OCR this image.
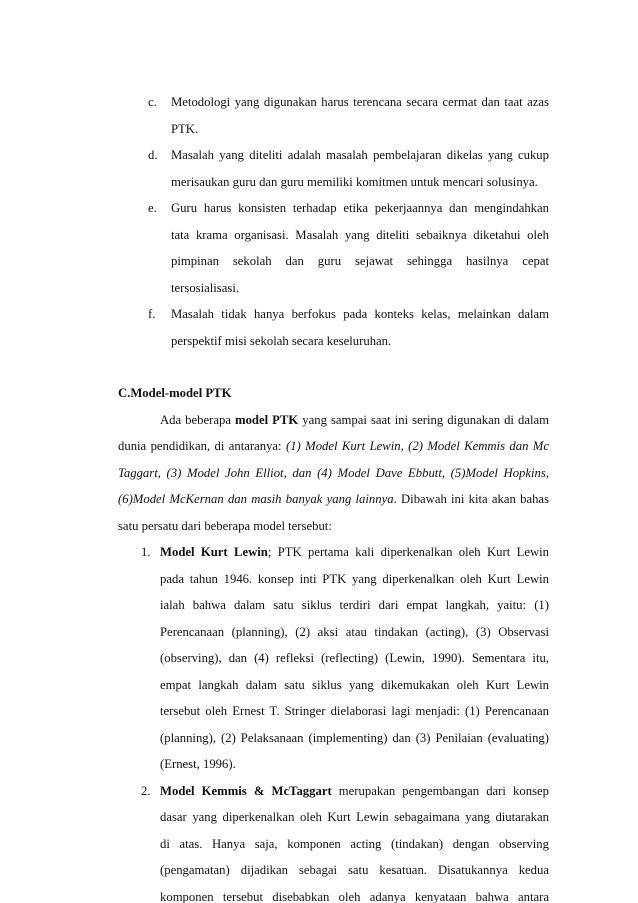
c. Metodologi yang digunakan harus terencana secara cermat dan taat azas
PTK.
d. Masalah yang diteliti adalah masalah pembelajaran dikelas yang cukup
merisaukan guru dan guru memiliki komitmen untuk mencari solusinya.
e. Guru harus konsisten terhadap etika pekerjaannya dan mengindahkan
tata krama organisasi. Masalah yang diteliti sebaiknya diketahui oleh
pimpinan sekolah dan guru sejawat sehingga hasilnya cepat
tersosialisasi.
f. Masalah tidak hanya berfokus pada konteks kelas, melainkan dalam
perspektif misi sekolah secara keseluruhan.
C.Model-model PTK
Ada beberapa model PTK yang sampai saat ini sering digunakan di dalam
dunia pendidikan, di antaranya: (1) Model Kurt Lewin, (2) Model Kemmis dan Mc
Taggart, (3) Model John Elliot, dan (4) Model Dave Ebbutt, (5)Model Hopkins,
(6)Model McKernan dan masih banyak yang lainnya. Dibawah ini kita akan bahas
satu persatu dari beberapa model tersebut:
1. Model Kurt Lewin; PTK pertama kali diperkenalkan oleh Kurt Lewin
pada tahun 1946. konsep inti PTK yang diperkenalkan oleh Kurt Lewin
ialah bahwa dalam satu siklus terdiri dari empat langkah, yaitu: (1)
Perencanaan (planning), (2) aksi atau tindakan (acting), (3) Observasi
(observing), dan (4) refleksi (reflecting) (Lewin, 1990). Sementara itu,
empat langkah dalam satu siklus yang dikemukakan oleh Kurt Lewin
tersebut oleh Ernest T. Stringer dielaborasi lagi menjadi: (1) Perencanaan
(planning), (2) Pelaksanaan (implementing) dan (3) Penilaian (evaluating)
(Ernest, 1996).
2. Model Kemmis & McTaggart merupakan pengembangan dari konsep
dasar yang diperkenalkan oleh Kurt Lewin sebagaimana yang diutarakan
di atas. Hanya saja, komponen acting (tindakan) dengan observing
(pengamatan) dijadikan sebagai satu kesatuan. Disatukannya kedua
komponen tersebut disebabkan oleh adanya kenyataan bahwa antara
